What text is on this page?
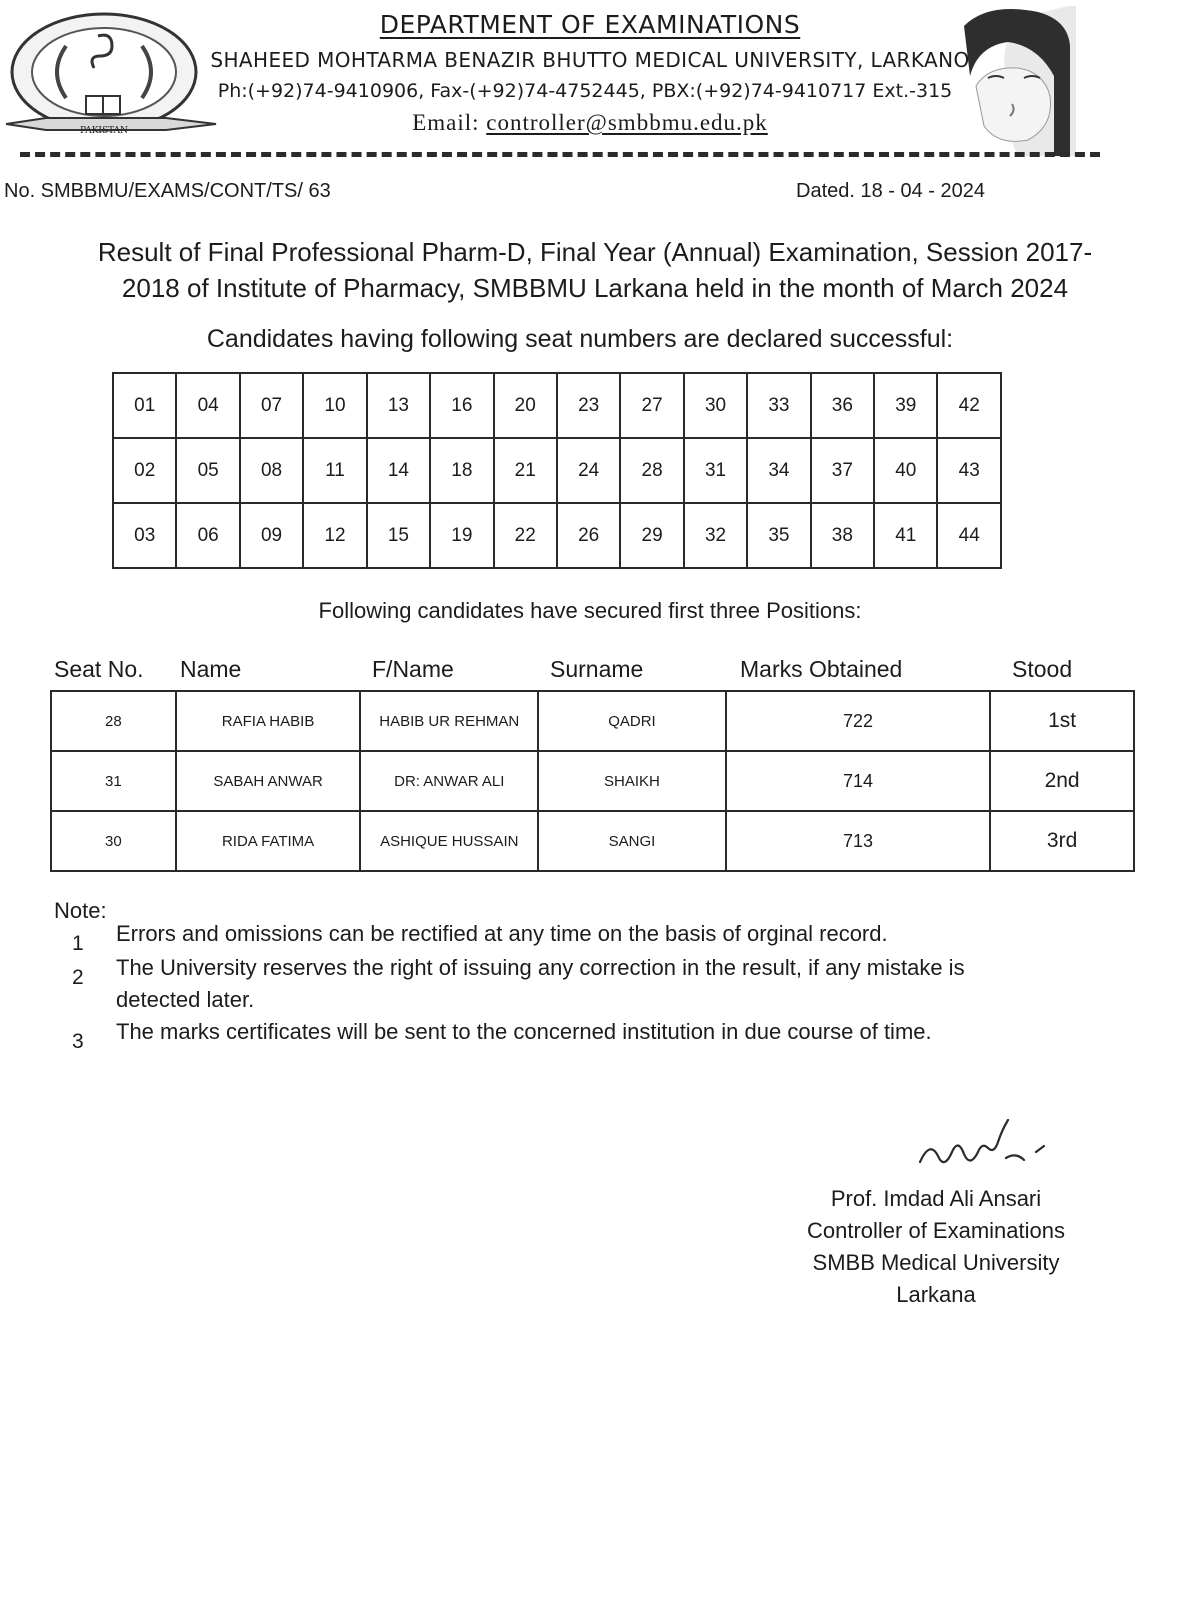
PAKISTAN
DEPARTMENT OF EXAMINATIONS
SHAHEED MOHTARMA BENAZIR BHUTTO MEDICAL UNIVERSITY, LARKANO
Ph:(+92)74-9410906, Fax-(+92)74-4752445, PBX:(+92)74-9410717 Ext.-315
Email: controller@smbbmu.edu.pk
No. SMBBMU/EXAMS/CONT/TS/ 63	Dated. 18 - 04 - 2024
Result of Final Professional Pharm-D, Final Year (Annual) Examination, Session 2017-
2018 of Institute of Pharmacy, SMBBMU Larkana held in the month of March 2024
Candidates having following seat numbers are declared successful:
01	04	07	10	13	16	20	23	27	30	33	36	39	42
02	05	08	11	14	18	21	24	28	31	34	37	40	43
03	06	09	12	15	19	22	26	29	32	35	38	41	44
Following candidates have secured first three Positions:
Seat No. Name	F/Name	Surname	Marks Obtained	Stood
28	RAFIA HABIB	HABIB UR REHMAN	QADRI	722	1st
31	SABAH ANWAR	DR: ANWAR ALI	SHAIKH	714	2nd
30	RIDA FATIMA	ASHIQUE HUSSAIN	SANGI	713	3rd
Note:
1 Errors and omissions can be rectified at any time on the basis of orginal record.
2 The University reserves the right of issuing any correction in the result, if any mistake is
detected later.
3 The marks certificates will be sent to the concerned institution in due course of time.
Prof. Imdad Ali Ansari
Controller of Examinations
SMBB Medical University
Larkana
